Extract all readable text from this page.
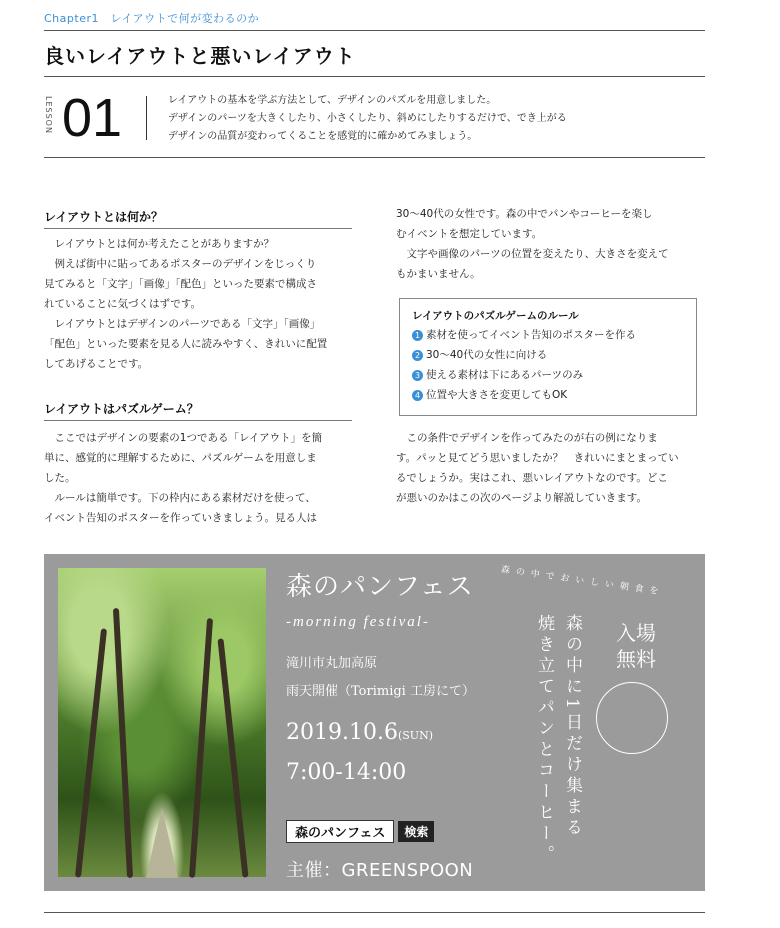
Chapter1　レイアウトで何が変わるのか
良いレイアウトと悪いレイアウト
LESSON 01	レイアウトの基本を学ぶ方法として、デザインのパズルを用意しました。
デザインのパーツを大きくしたり、小さくしたり、斜めにしたりするだけで、でき上がる
デザインの品質が変わってくることを感覚的に確かめてみましょう。
レイアウトとは何か？
　レイアウトとは何か考えたことがありますか？
　例えば街中に貼ってあるポスターのデザインをじっくり
見てみると「文字」「画像」「配色」といった要素で構成さ
れていることに気づくはずです。
　レイアウトとはデザインのパーツである「文字」「画像」
「配色」といった要素を見る人に読みやすく、きれいに配置
してあげることです。
レイアウトはパズルゲーム？
　ここではデザインの要素の1つである「レイアウト」を簡
単に、感覚的に理解するために、パズルゲームを用意しま
した。
　ルールは簡単です。下の枠内にある素材だけを使って、
イベント告知のポスターを作っていきましょう。見る人は
30〜40代の女性です。森の中でパンやコーヒーを楽し
むイベントを想定しています。
　文字や画像のパーツの位置を変えたり、大きさを変えて
もかまいません。
レイアウトのパズルゲームのルール
1 素材を使ってイベント告知のポスターを作る
2 30〜40代の女性に向ける
3 使える素材は下にあるパーツのみ
4 位置や大きさを変更してもOK
　この条件でデザインを作ってみたのが右の例になりま
す。パッと見てどう思いましたか？　きれいにまとまってい
るでしょうか。実はこれ、悪いレイアウトなのです。どこ
が悪いのかはこの次のページより解説していきます。
森のパンフェス	森の中でおいしい朝食を
-morning festival-
滝川市丸加高原
雨天開催（Torimigi 工房にて）
2019.10.6(SUN)
7:00-14:00
森のパンフェス	検索
主催：GREENSPOON
焼き立てパンとコーヒー。 森の中に1日だけ集まる	入場
無料
